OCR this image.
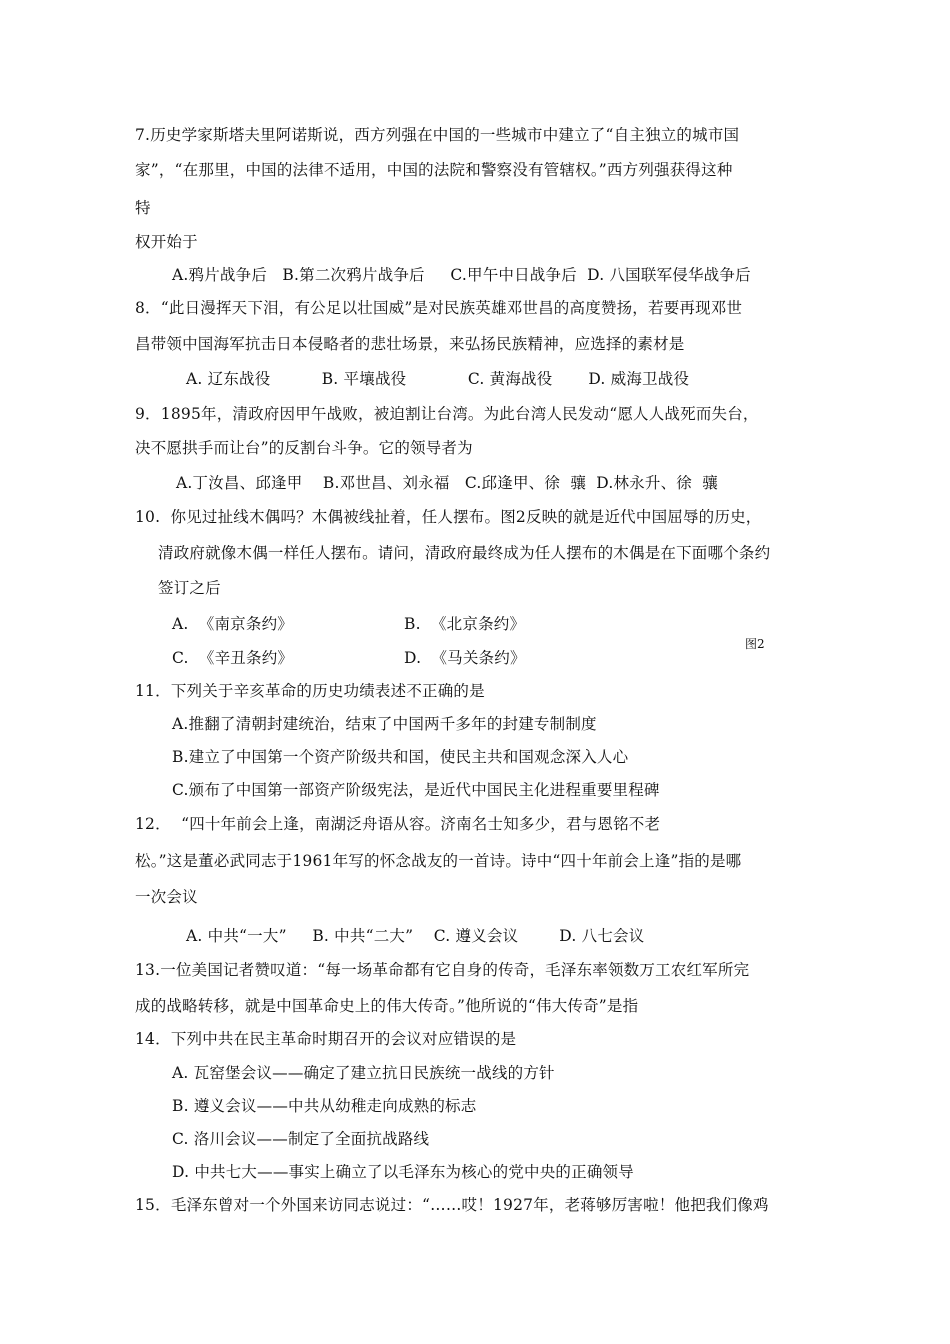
7.历史学家斯塔夫里阿诺斯说，西方列强在中国的一些城市中建立了“自主独立的城市国
家”，“在那里，中国的法律不适用，中国的法院和警察没有管辖权。”西方列强获得这种
特
权开始于
A.鸦片战争后   B.第二次鸦片战争后     C.甲午中日战争后  D. 八国联军侵华战争后
8．“此日漫挥天下泪，有公足以壮国威”是对民族英雄邓世昌的高度赞扬，若要再现邓世
昌带领中国海军抗击日本侵略者的悲壮场景，来弘扬民族精神，应选择的素材是
A. 辽东战役          B. 平壤战役            C. 黄海战役       D. 威海卫战役
9．1895年，清政府因甲午战败，被迫割让台湾。为此台湾人民发动“愿人人战死而失台，
决不愿拱手而让台”的反割台斗争。它的领导者为
A.丁汝昌、邱逢甲    B.邓世昌、刘永福   C.邱逢甲、徐  骧  D.林永升、徐  骧
10.  你见过扯线木偶吗？木偶被线扯着，任人摆布。图2反映的就是近代中国屈辱的历史，
清政府就像木偶一样任人摆布。请问，清政府最终成为任人摆布的木偶是在下面哪个条约
签订之后
A.  《南京条约》	B.  《北京条约》
图2
C.  《辛丑条约》	D.  《马关条约》
11．下列关于辛亥革命的历史功绩表述不正确的是
A.推翻了清朝封建统治，结束了中国两千多年的封建专制制度
B.建立了中国第一个资产阶级共和国，使民主共和国观念深入人心
C.颁布了中国第一部资产阶级宪法，是近代中国民主化进程重要里程碑
12．  “四十年前会上逢，南湖泛舟语从容。济南名士知多少，君与恩铭不老
松。”这是董必武同志于1961年写的怀念战友的一首诗。诗中“四十年前会上逢”指的是哪
一次会议
A. 中共“一大”     B. 中共“二大”    C. 遵义会议        D. 八七会议
13.一位美国记者赞叹道：“每一场革命都有它自身的传奇，毛泽东率领数万工农红军所完
成的战略转移，就是中国革命史上的伟大传奇。”他所说的“伟大传奇”是指
14．下列中共在民主革命时期召开的会议对应错误的是
A. 瓦窑堡会议——确定了建立抗日民族统一战线的方针
B. 遵义会议——中共从幼稚走向成熟的标志
C. 洛川会议——制定了全面抗战路线
D. 中共七大——事实上确立了以毛泽东为核心的党中央的正确领导
15．毛泽东曾对一个外国来访同志说过：“……哎！1927年，老蒋够厉害啦！他把我们像鸡
